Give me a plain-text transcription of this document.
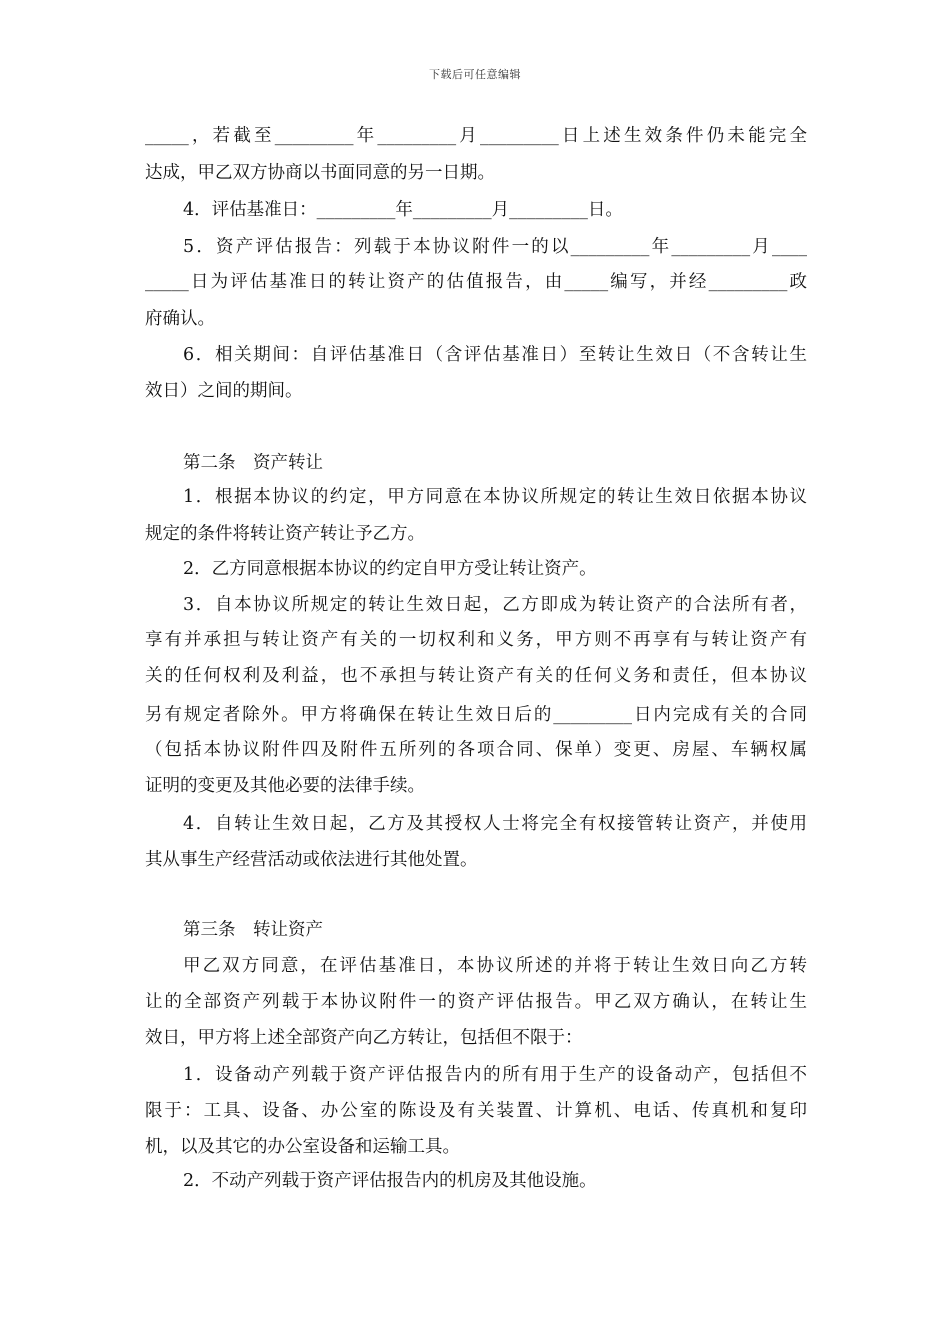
下载后可任意编辑
_____，若截至_________年_________月_________日上述生效条件仍未能完全
达成，甲乙双方协商以书面同意的另一日期。
4．评估基准日：_________年_________月_________日。
5．资产评估报告：列载于本协议附件一的以_________年_________月____
_____日为评估基准日的转让资产的估值报告，由_____编写，并经_________政
府确认。
6．相关期间：自评估基准日（含评估基准日）至转让生效日（不含转让生
效日）之间的期间。
第二条　资产转让
1．根据本协议的约定，甲方同意在本协议所规定的转让生效日依据本协议
规定的条件将转让资产转让予乙方。
2．乙方同意根据本协议的约定自甲方受让转让资产。
3．自本协议所规定的转让生效日起，乙方即成为转让资产的合法所有者，
享有并承担与转让资产有关的一切权利和义务，甲方则不再享有与转让资产有
关的任何权利及利益，也不承担与转让资产有关的任何义务和责任，但本协议
另有规定者除外。甲方将确保在转让生效日后的_________日内完成有关的合同
（包括本协议附件四及附件五所列的各项合同、保单）变更、房屋、车辆权属
证明的变更及其他必要的法律手续。
4．自转让生效日起，乙方及其授权人士将完全有权接管转让资产，并使用
其从事生产经营活动或依法进行其他处置。
第三条　转让资产
甲乙双方同意，在评估基准日，本协议所述的并将于转让生效日向乙方转
让的全部资产列载于本协议附件一的资产评估报告。甲乙双方确认，在转让生
效日，甲方将上述全部资产向乙方转让，包括但不限于：
1．设备动产列载于资产评估报告内的所有用于生产的设备动产，包括但不
限于：工具、设备、办公室的陈设及有关装置、计算机、电话、传真机和复印
机，以及其它的办公室设备和运输工具。
2．不动产列载于资产评估报告内的机房及其他设施。
